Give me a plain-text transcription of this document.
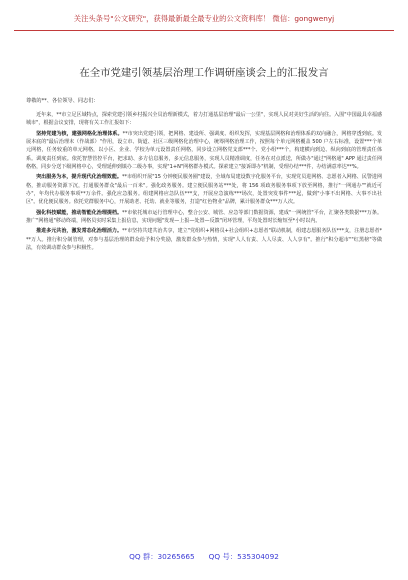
关注头条号"公文研究"，获得最新最全最专业的公文资料库！ 微信：gongwenyj
在全市党建引领基层治理工作调研座谈会上的汇报发言
尊敬的**、各位领导、同志们：

近年来，**市立足区域特点，探索党建引领乡村振兴全员治理新模式，着力打通基层治理"最后一公里"，实现人民对美好生活的向往。入围"中国最具幸福感城市"，根据会议安排，现将有关工作汇报如下：

坚持党建为核，建强网格化治理体系。**市突出党建引领，把网格、建设所、强调度、组织发挥，实现基层网格和治理体系的双向融合，网格穿透到底。发展本底的"最后治理末（作战部）"作用，设立市、街道、社区三级网格化治理中心，统筹网格治理工作，按照每个单元网格覆盖 500 户左右标准，设置***个单元网格，任务较重的单元网格，以小区、企业、学校为单元设置责任网格，同步设立网格党支部***个、党小组***个，构建横向到边、纵向到底的管理责任体系。调度责任到底。依托智慧管控平台，把求助、多方信息服务，多元信息服务，实现人员精准调度，任务在对点派送，所做办"通过"网格通" APP 通过责任网格格，同步分送下级网格中心，受理延伸到镇办二级办事，实现"1+N"网格群办模式。探索建立"接诉即办"机制，受理办结***件，办结满意率达**%。

突出服务为本，提升现代化治理效能。**市组织开展"15 分钟便民服务圈"建设，全域布局建设数字化服务平台，实现党员进网格、志愿者入网格、民警进网格，推动服务资源下沉，打通服务群众"最后一百米"。强化政务服务。建立便民服务站***处，将 156 项政务服务事项下放至网格，推行"一网通办""就近可办"，年均代办服务事项**万余件。强化应急服务。组建网格应急队伍***支，开展应急演练***场次，处置突发事件***起，做到"小事不出网格、大事不出社区"。优化便民服务。依托党群服务中心，开展助老、托幼、就业等服务，打造"红色物业"品牌，累计服务群众***万人次。

强化科技赋能，推动智能化治理提档。**市依托城市运行管理中心，整合公安、城管、应急等部门数据资源，建成"一网统管"平台，汇聚各类数据***万条。推广"网格通"移动终端，网格员实时采集上报信息，实现问题"发现—上报—处置—反馈"闭环管理，平均处置时长缩短至*小时以内。

推进多元共治，激发常态化治理活力。**市坚持共建共治共享，建立"党组织+网格员+社会组织+志愿者"联动机制，组建志愿服务队伍***支，注册志愿者***万人。推行积分制管理，对参与基层治理的群众给予积分奖励，激发群众参与热情，实现"人人有责、人人尽责、人人享有"。推行"积分超市""红黑榜"等做法，有效调动群众参与积极性。

QQ 群：30265665 QQ 号：535304092
